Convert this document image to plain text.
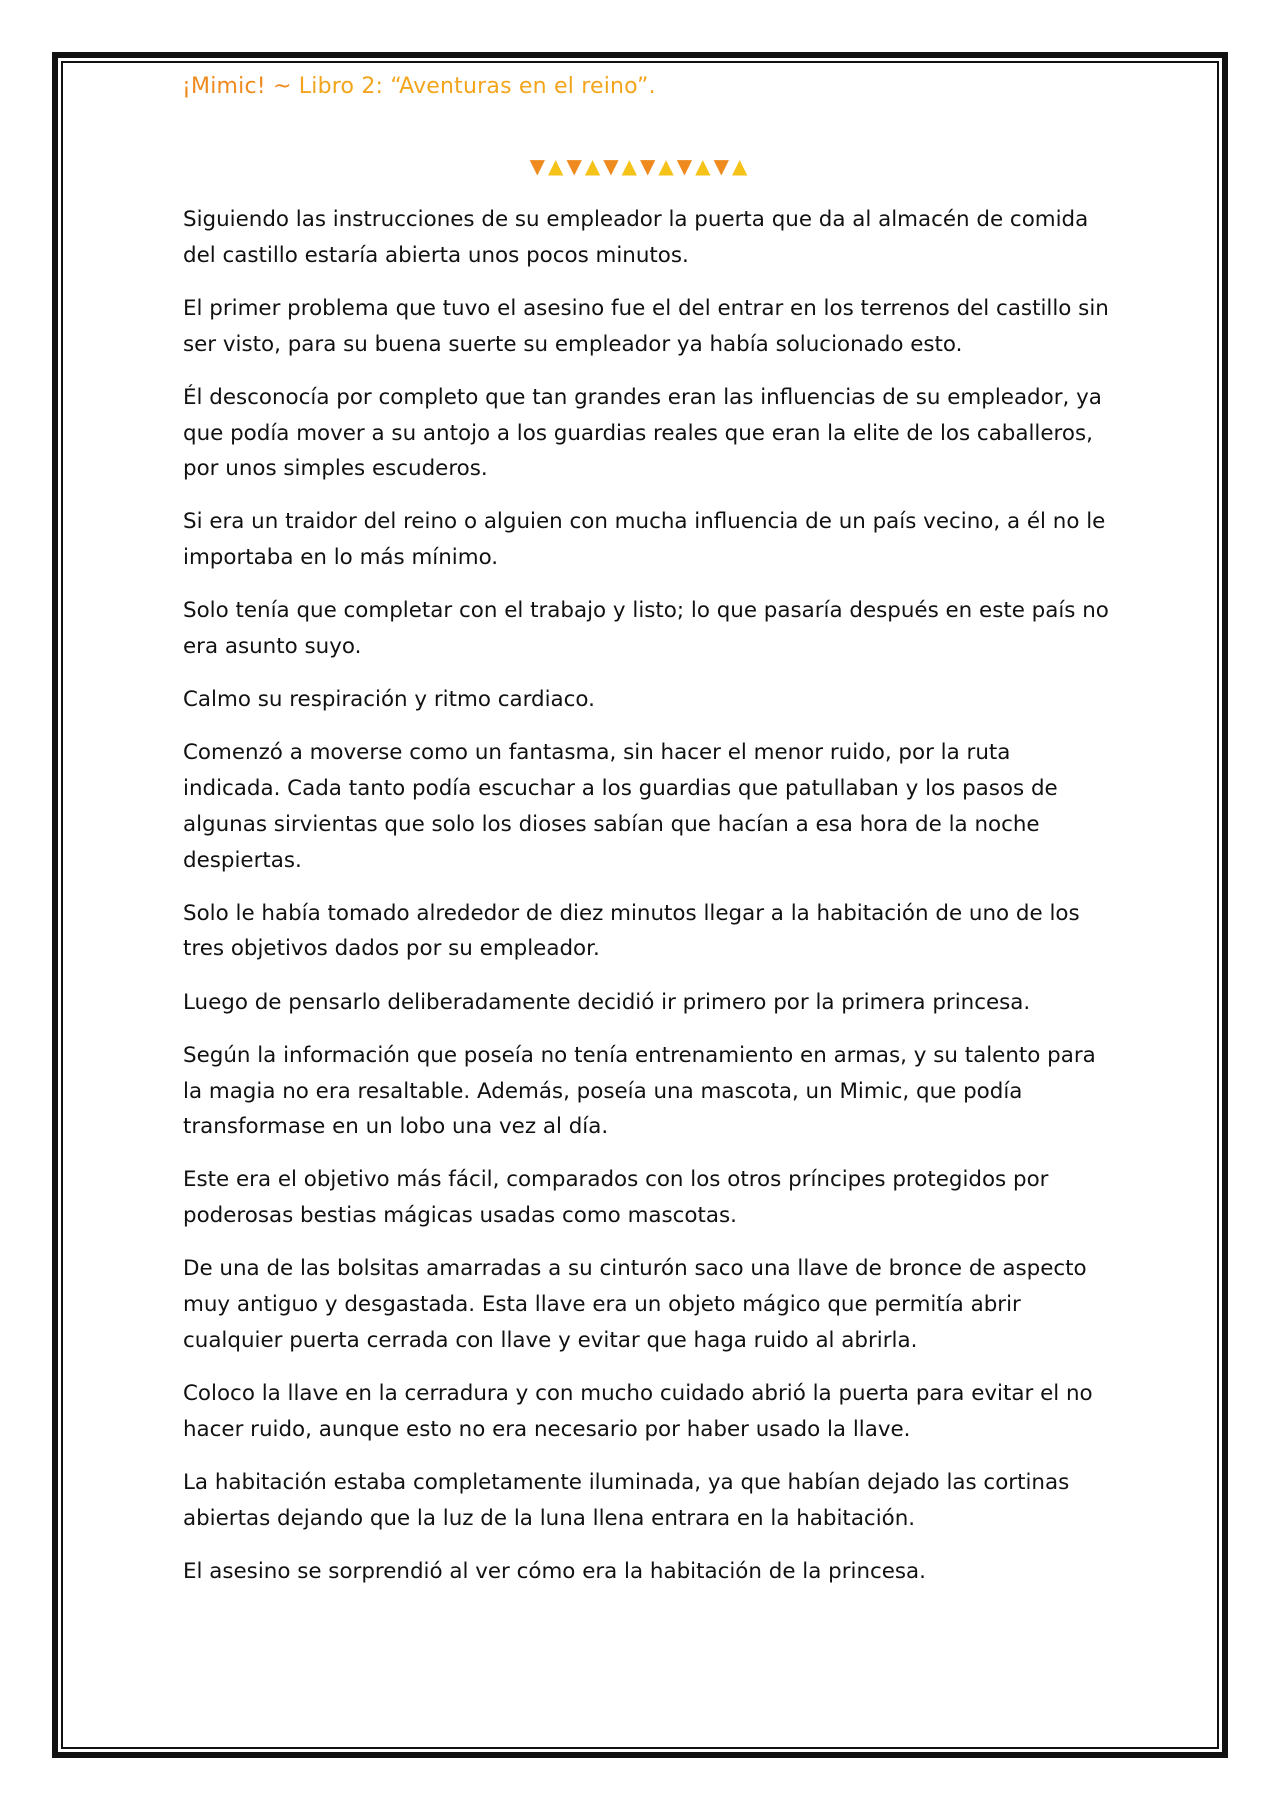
¡Mimic! ~ Libro 2: “Aventuras en el reino”.
▼▲▼▲▼▲▼▲▼▲▼▲

Siguiendo las instrucciones de su empleador la puerta que da al almacén de comida del castillo estaría abierta unos pocos minutos.

El primer problema que tuvo el asesino fue el del entrar en los terrenos del castillo sin ser visto, para su buena suerte su empleador ya había solucionado esto.

Él desconocía por completo que tan grandes eran las influencias de su empleador, ya que podía mover a su antojo a los guardias reales que eran la elite de los caballeros, por unos simples escuderos.

Si era un traidor del reino o alguien con mucha influencia de un país vecino, a él no le importaba en lo más mínimo.

Solo tenía que completar con el trabajo y listo; lo que pasaría después en este país no era asunto suyo.

Calmo su respiración y ritmo cardiaco.

Comenzó a moverse como un fantasma, sin hacer el menor ruido, por la ruta indicada. Cada tanto podía escuchar a los guardias que patullaban y los pasos de algunas sirvientas que solo los dioses sabían que hacían a esa hora de la noche despiertas.

Solo le había tomado alrededor de diez minutos llegar a la habitación de uno de los tres objetivos dados por su empleador.

Luego de pensarlo deliberadamente decidió ir primero por la primera princesa.

Según la información que poseía no tenía entrenamiento en armas, y su talento para la magia no era resaltable. Además, poseía una mascota, un Mimic, que podía transformase en un lobo una vez al día.

Este era el objetivo más fácil, comparados con los otros príncipes protegidos por poderosas bestias mágicas usadas como mascotas.

De una de las bolsitas amarradas a su cinturón saco una llave de bronce de aspecto muy antiguo y desgastada. Esta llave era un objeto mágico que permitía abrir cualquier puerta cerrada con llave y evitar que haga ruido al abrirla.

Coloco la llave en la cerradura y con mucho cuidado abrió la puerta para evitar el no hacer ruido, aunque esto no era necesario por haber usado la llave.

La habitación estaba completamente iluminada, ya que habían dejado las cortinas abiertas dejando que la luz de la luna llena entrara en la habitación.

El asesino se sorprendió al ver cómo era la habitación de la princesa.
